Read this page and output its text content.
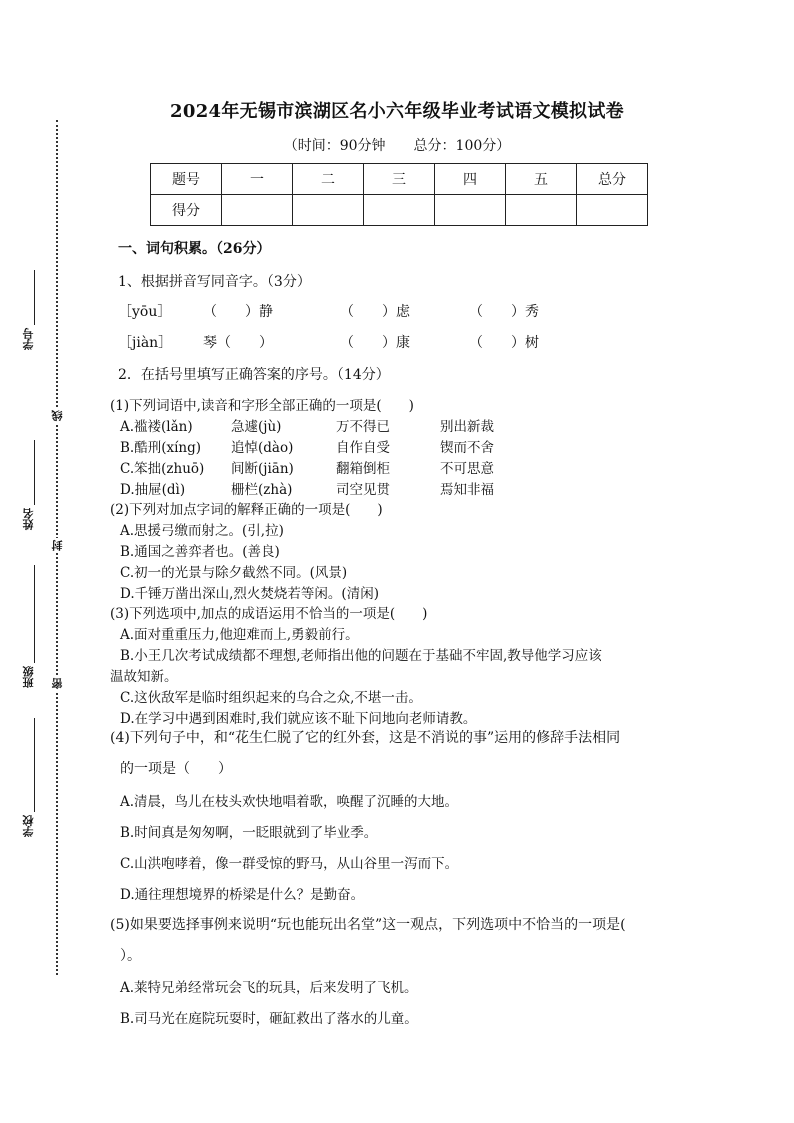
学号
姓名
班级
学校
线
封
密
2024年无锡市滨湖区名小六年级毕业考试语文模拟试卷
（时间：90分钟　　总分：100分）
题号	一	二	三	四	五	总分
得分						
一、词句积累。（26分）
1、根据拼音写同音字。（3分）
［yōu］ （　　）静	（　　）虑	（　　）秀
［jiàn］ 琴（　　）	（　　）康	（　　）树
2．在括号里填写正确答案的序号。（14分）
(1)下列词语中,读音和字形全部正确的一项是(　　)
A.褴褛(lǎn)	急遽(jù)	万不得已	别出新裁
B.酷刑(xíng) 追悼(dào)	自作自受	锲而不舍
C.笨拙(zhuō) 间断(jiān)	翻箱倒柜	不可思意
D.抽屉(dì)	栅栏(zhà)	司空见贯	焉知非福
(2)下列对加点字词的解释正确的一项是(　　)
A.思援弓缴而射之。(引,拉)
B.通国之善弈者也。(善良)
C.初一的光景与除夕截然不同。(风景)
D.千锤万凿出深山,烈火焚烧若等闲。(清闲)
(3)下列选项中,加点的成语运用不恰当的一项是(　　)
A.面对重重压力,他迎难而上,勇毅前行。
B.小王几次考试成绩都不理想,老师指出他的问题在于基础不牢固,教导他学习应该
温故知新。
C.这伙敌军是临时组织起来的乌合之众,不堪一击。
D.在学习中遇到困难时,我们就应该不耻下问地向老师请教。
(4)下列句子中，和“花生仁脱了它的红外套，这是不消说的事”运用的修辞手法相同
的一项是（　　）
A.清晨，鸟儿在枝头欢快地唱着歌，唤醒了沉睡的大地。
B.时间真是匆匆啊，一眨眼就到了毕业季。
C.山洪咆哮着，像一群受惊的野马，从山谷里一泻而下。
D.通往理想境界的桥梁是什么？是勤奋。
(5)如果要选择事例来说明“玩也能玩出名堂”这一观点，下列选项中不恰当的一项是(
）。
A.莱特兄弟经常玩会飞的玩具，后来发明了飞机。
B.司马光在庭院玩耍时，砸缸救出了落水的儿童。
